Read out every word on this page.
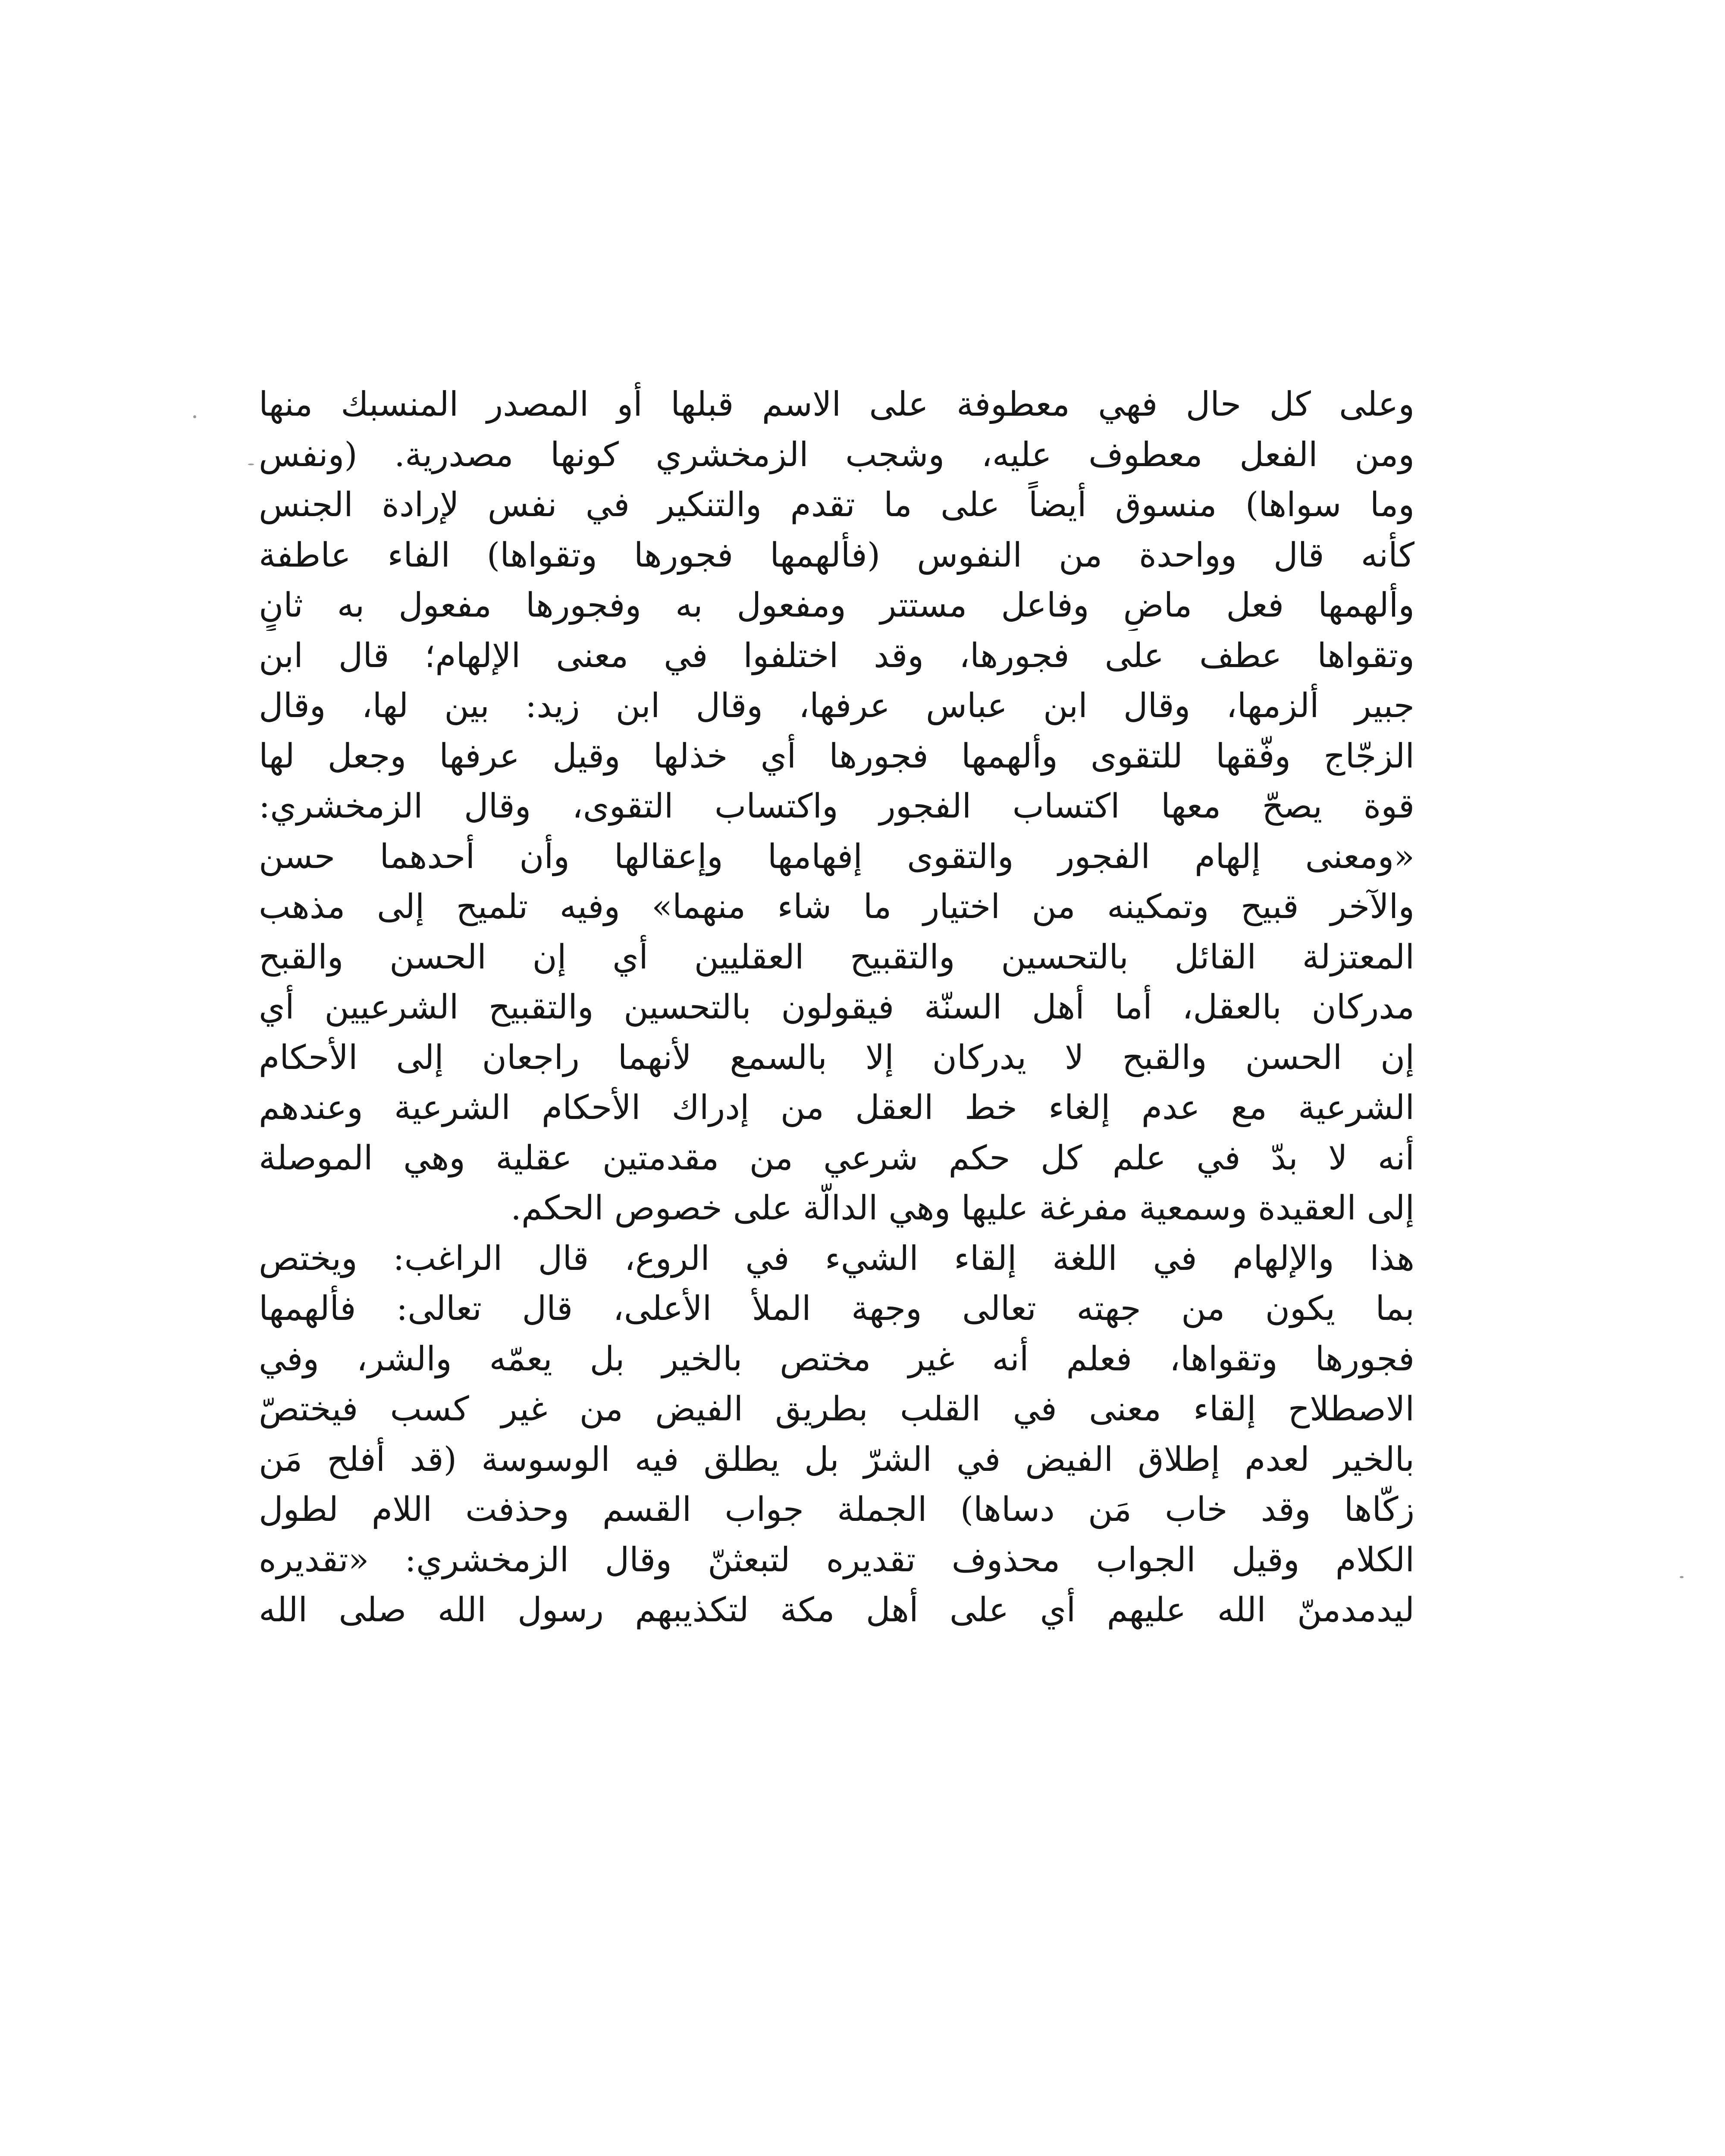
وعلى كل حال فهي معطوفة على الاسم قبلها أو المصدر المنسبك منها
ومن الفعل معطوف عليه، وشجب الزمخشري كونها مصدرية. (ونفس
وما سواها) منسوق أيضاً على ما تقدم والتنكير في نفس لإرادة الجنس
كأنه قال وواحدة من النفوس (فألهمها فجورها وتقواها) الفاء عاطفة
وألهمها فعل ماضٍ وفاعل مستتر ومفعول به وفجورها مفعول به ثانٍ
وتقواها عطف على فجورها، وقد اختلفوا في معنى الإلهام؛ قال ابن
جبير ألزمها، وقال ابن عباس عرفها، وقال ابن زيد: بين لها، وقال
الزجّاج وفّقها للتقوى وألهمها فجورها أي خذلها وقيل عرفها وجعل لها
قوة يصحّ معها اكتساب الفجور واكتساب التقوى، وقال الزمخشري:
«ومعنى إلهام الفجور والتقوى إفهامها وإعقالها وأن أحدهما حسن
والآخر قبيح وتمكينه من اختيار ما شاء منهما» وفيه تلميح إلى مذهب
المعتزلة القائل بالتحسين والتقبيح العقليين أي إن الحسن والقبح
مدركان بالعقل، أما أهل السنّة فيقولون بالتحسين والتقبيح الشرعيين أي
إن الحسن والقبح لا يدركان إلا بالسمع لأنهما راجعان إلى الأحكام
الشرعية مع عدم إلغاء خط العقل من إدراك الأحكام الشرعية وعندهم
أنه لا بدّ في علم كل حكم شرعي من مقدمتين عقلية وهي الموصلة
إلى العقيدة وسمعية مفرغة عليها وهي الدالّة على خصوص الحكم.
هذا والإلهام في اللغة إلقاء الشيء في الروع، قال الراغب: ويختص
بما يكون من جهته تعالى وجهة الملأ الأعلى، قال تعالى: فألهمها
فجورها وتقواها، فعلم أنه غير مختص بالخير بل يعمّه والشر، وفي
الاصطلاح إلقاء معنى في القلب بطريق الفيض من غير كسب فيختصّ
بالخير لعدم إطلاق الفيض في الشرّ بل يطلق فيه الوسوسة (قد أفلح مَن
زكّاها وقد خاب مَن دساها) الجملة جواب القسم وحذفت اللام لطول
الكلام وقيل الجواب محذوف تقديره لتبعثنّ وقال الزمخشري: «تقديره
ليدمدمنّ الله عليهم أي على أهل مكة لتكذيبهم رسول الله صلى الله
